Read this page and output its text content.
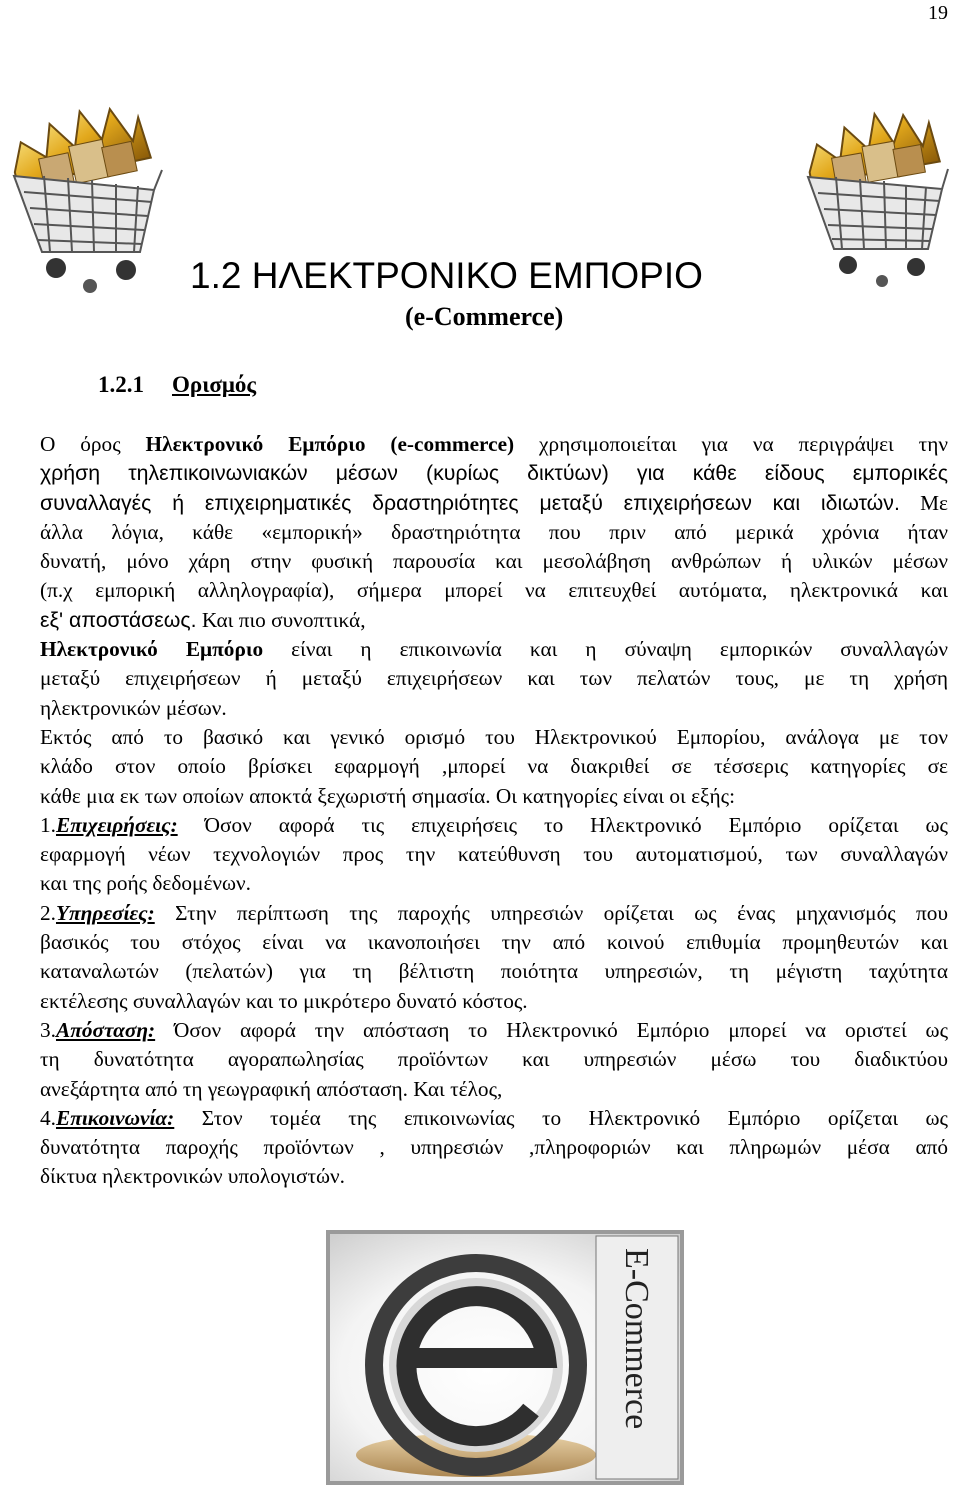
19
1.2 ΗΛΕΚΤΡΟΝΙΚΟ ΕΜΠΟΡΙΟ
(e-Commerce)
1.2.1 Ορισμός

Ο όρος Ηλεκτρονικό Εμπόριο (e-commerce) χρησιμοποιείται για να περιγράψει την
χρήση τηλεπικοινωνιακών μέσων (κυρίως δικτύων) για κάθε είδους εμπορικές
συναλλαγές ή επιχειρηματικές δραστηριότητες μεταξύ επιχειρήσεων και ιδιωτών. Με
άλλα λόγια, κάθε «εμπορική» δραστηριότητα που πριν από μερικά χρόνια ήταν
δυνατή, μόνο χάρη στην φυσική παρουσία και μεσολάβηση ανθρώπων ή υλικών μέσων
(π.χ εμπορική αλληλογραφία), σήμερα μπορεί να επιτευχθεί αυτόματα, ηλεκτρονικά και
εξ' αποστάσεως. Και πιο συνοπτικά,
Ηλεκτρονικό Εμπόριο είναι η επικοινωνία και η σύναψη εμπορικών συναλλαγών
μεταξύ επιχειρήσεων ή μεταξύ επιχειρήσεων και των πελατών τους, με τη χρήση
ηλεκτρονικών μέσων.

Εκτός από το βασικό και γενικό ορισμό του Ηλεκτρονικού Εμπορίου, ανάλογα με τον
κλάδο στον οποίο βρίσκει εφαρμογή ,μπορεί να διακριθεί σε τέσσερις κατηγορίες σε
κάθε μια εκ των οποίων αποκτά ξεχωριστή σημασία. Οι κατηγορίες είναι οι εξής:

1.Επιχειρήσεις: Όσον αφορά τις επιχειρήσεις το Ηλεκτρονικό Εμπόριο ορίζεται ως
εφαρμογή νέων τεχνολογιών προς την κατεύθυνση του αυτοματισμού, των συναλλαγών
και της ροής δεδομένων.

2.Υπηρεσίες: Στην περίπτωση της παροχής υπηρεσιών ορίζεται ως ένας μηχανισμός που
βασικός του στόχος είναι να ικανοποιήσει την από κοινού επιθυμία προμηθευτών και
καταναλωτών (πελατών) για τη βέλτιστη ποιότητα υπηρεσιών, τη μέγιστη ταχύτητα
εκτέλεσης συναλλαγών και το μικρότερο δυνατό κόστος.

3.Απόσταση: Όσον αφορά την απόσταση το Ηλεκτρονικό Εμπόριο μπορεί να οριστεί ως
τη δυνατότητα αγοραπωλησίας προϊόντων και υπηρεσιών μέσω του διαδικτύου
ανεξάρτητα από τη γεωγραφική απόσταση. Και τέλος,

4.Επικοινωνία: Στον τομέα της επικοινωνίας το Ηλεκτρονικό Εμπόριο ορίζεται ως
δυνατότητα παροχής προϊόντων , υπηρεσιών ,πληροφοριών και πληρωμών μέσα από
δίκτυα ηλεκτρονικών υπολογιστών.

E-Commerce
